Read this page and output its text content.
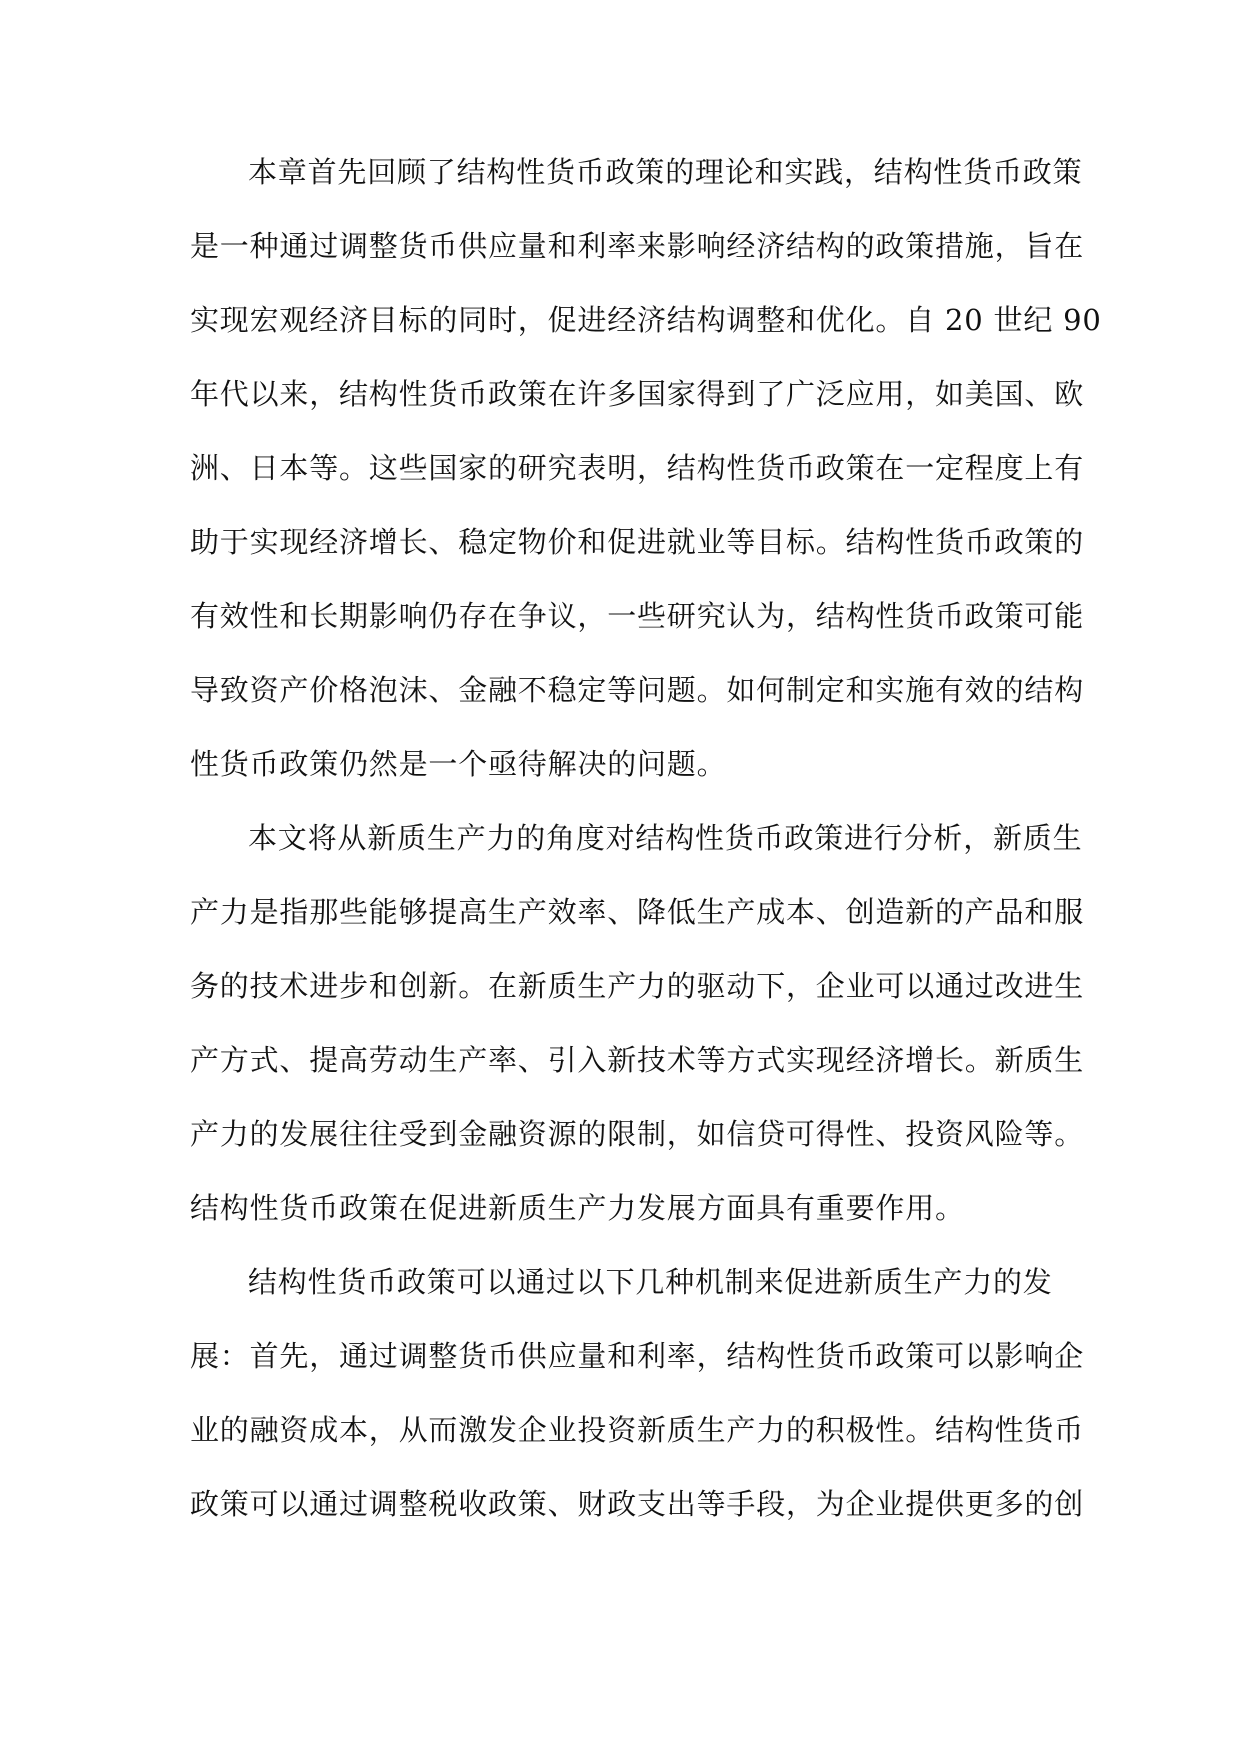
本章首先回顾了结构性货币政策的理论和实践，结构性货币政策
是一种通过调整货币供应量和利率来影响经济结构的政策措施，旨在
实现宏观经济目标的同时，促进经济结构调整和优化。自 20 世纪 90
年代以来，结构性货币政策在许多国家得到了广泛应用，如美国、欧
洲、日本等。这些国家的研究表明，结构性货币政策在一定程度上有
助于实现经济增长、稳定物价和促进就业等目标。结构性货币政策的
有效性和长期影响仍存在争议，一些研究认为，结构性货币政策可能
导致资产价格泡沫、金融不稳定等问题。如何制定和实施有效的结构
性货币政策仍然是一个亟待解决的问题。
本文将从新质生产力的角度对结构性货币政策进行分析，新质生
产力是指那些能够提高生产效率、降低生产成本、创造新的产品和服
务的技术进步和创新。在新质生产力的驱动下，企业可以通过改进生
产方式、提高劳动生产率、引入新技术等方式实现经济增长。新质生
产力的发展往往受到金融资源的限制，如信贷可得性、投资风险等。
结构性货币政策在促进新质生产力发展方面具有重要作用。
结构性货币政策可以通过以下几种机制来促进新质生产力的发
展：首先，通过调整货币供应量和利率，结构性货币政策可以影响企
业的融资成本，从而激发企业投资新质生产力的积极性。结构性货币
政策可以通过调整税收政策、财政支出等手段，为企业提供更多的创
